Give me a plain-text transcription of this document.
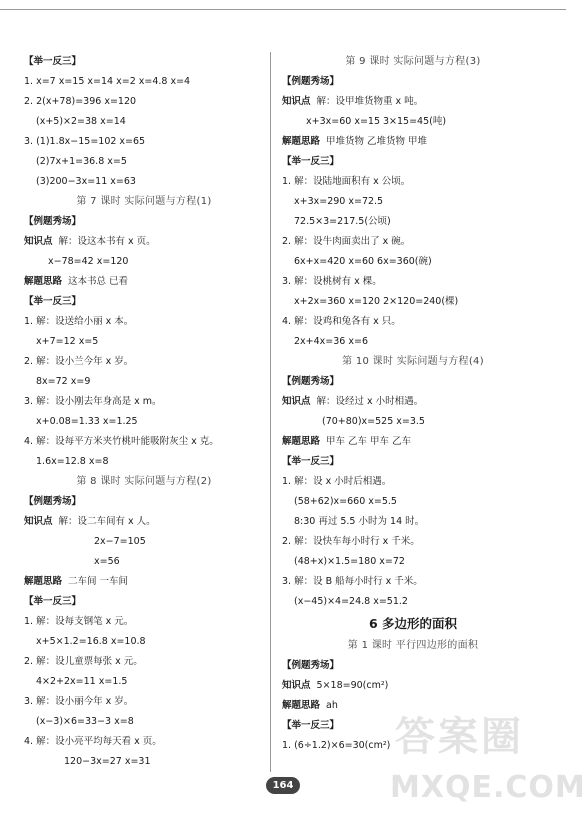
【举一反三】
1. x=7 x=15 x=14 x=2 x=4.8 x=4
2. 2(x+78)=396 x=120
(x+5)×2=38 x=14
3. (1)1.8x−15=102 x=65
(2)7x+1=36.8 x=5
(3)200−3x=11 x=63
第 7 课时 实际问题与方程(1)
【例题秀场】
知识点 解：设这本书有 x 页。
x−78=42 x=120
解题思路 这本书总 已看
【举一反三】
1. 解：设送给小丽 x 本。
x+7=12 x=5
2. 解：设小兰今年 x 岁。
8x=72 x=9
3. 解：设小刚去年身高是 x m。
x+0.08=1.33 x=1.25
4. 解：设每平方米夹竹桃叶能吸附灰尘 x 克。
1.6x=12.8 x=8
第 8 课时 实际问题与方程(2)
【例题秀场】
知识点 解：设二车间有 x 人。
2x−7=105
x=56
解题思路 二车间 一车间
【举一反三】
1. 解：设每支钢笔 x 元。
x+5×1.2=16.8 x=10.8
2. 解：设儿童票每张 x 元。
4×2+2x=11 x=1.5
3. 解：设小丽今年 x 岁。
(x−3)×6=33−3 x=8
4. 解：设小亮平均每天看 x 页。
120−3x=27 x=31
第 9 课时 实际问题与方程(3)
【例题秀场】
知识点 解：设甲堆货物重 x 吨。
x+3x=60 x=15 3×15=45(吨)
解题思路 甲堆货物 乙堆货物 甲堆
【举一反三】
1. 解：设陆地面积有 x 公顷。
x+3x=290 x=72.5
72.5×3=217.5(公顷)
2. 解：设牛肉面卖出了 x 碗。
6x+x=420 x=60 6x=360(碗)
3. 解：设桃树有 x 棵。
x+2x=360 x=120 2×120=240(棵)
4. 解：设鸡和兔各有 x 只。
2x+4x=36 x=6
第 10 课时 实际问题与方程(4)
【例题秀场】
知识点 解：设经过 x 小时相遇。
(70+80)x=525 x=3.5
解题思路 甲车 乙车 甲车 乙车
【举一反三】
1. 解：设 x 小时后相遇。
(58+62)x=660 x=5.5
8:30 再过 5.5 小时为 14 时。
2. 解：设快车每小时行 x 千米。
(48+x)×1.5=180 x=72
3. 解：设 B 船每小时行 x 千米。
(x−45)×4=24.8 x=51.2
6 多边形的面积
第 1 课时 平行四边形的面积
【例题秀场】
知识点 5×18=90(cm²)
解题思路 ah
【举一反三】
1. (6÷1.2)×6=30(cm²) 答案圈
MXQE.COM
164
